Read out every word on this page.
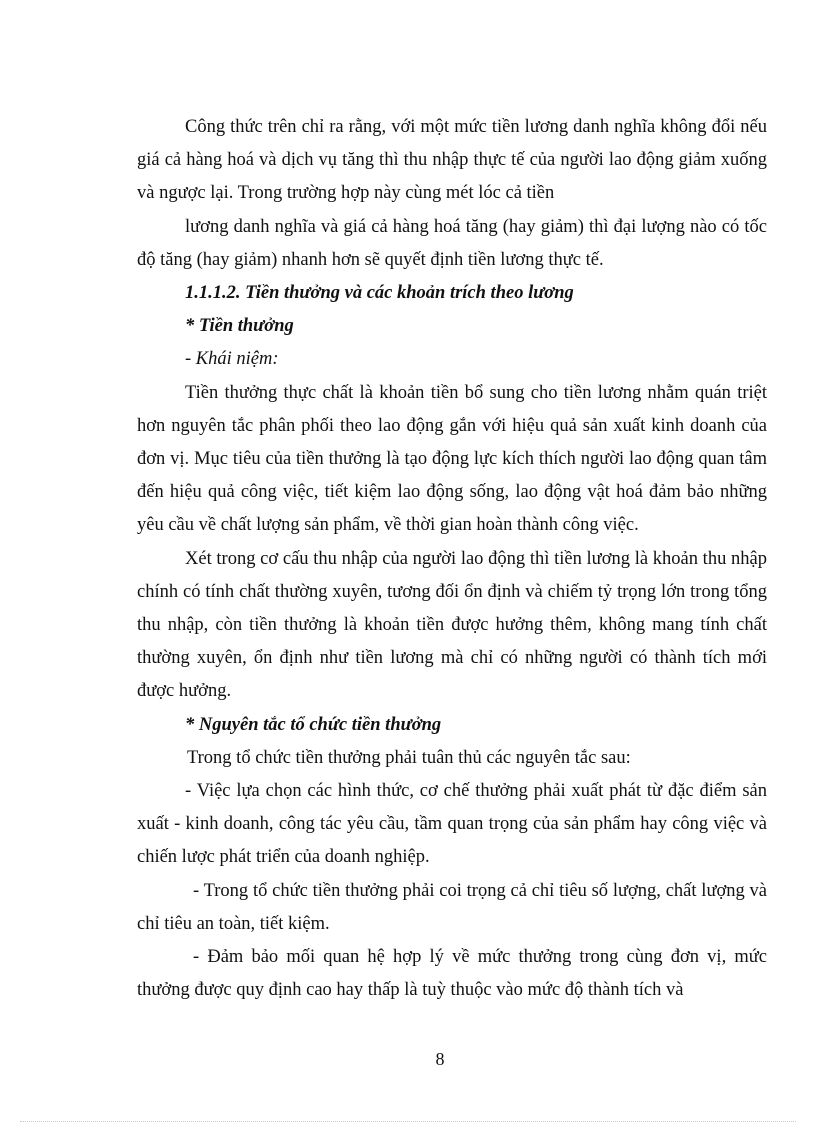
Công thức trên chỉ ra rằng, với một mức tiền lương danh nghĩa không đổi nếu giá cả hàng hoá và dịch vụ tăng thì thu nhập thực tế của người lao động giảm xuống và ngược lại. Trong trường hợp này cùng mét lóc cả tiền

lương danh nghĩa và giá cả hàng hoá tăng (hay giảm) thì đại lượng nào có tốc độ tăng (hay giảm) nhanh hơn sẽ quyết định tiền lương thực tế.

1.1.1.2. Tiền thưởng và các khoản trích theo lương

* Tiền thưởng

- Khái niệm:

Tiền thưởng thực chất là khoản tiền bổ sung cho tiền lương nhằm quán triệt hơn nguyên tắc phân phối theo lao động gắn với hiệu quả sản xuất kinh doanh của đơn vị. Mục tiêu của tiền thưởng là tạo động lực kích thích người lao động quan tâm đến hiệu quả công việc, tiết kiệm lao động sống, lao động vật hoá đảm bảo những yêu cầu về chất lượng sản phẩm, về thời gian hoàn thành công việc.

Xét trong cơ cấu thu nhập của người lao động thì tiền lương là khoản thu nhập chính có tính chất thường xuyên, tương đối ổn định và chiếm tỷ trọng lớn trong tổng thu nhập, còn tiền thưởng là khoản tiền được hưởng thêm, không mang tính chất thường xuyên, ổn định như tiền lương mà chỉ có những người có thành tích mới được hưởng.

* Nguyên tắc tổ chức tiền thưởng

Trong tổ chức tiền thưởng phải tuân thủ các nguyên tắc sau:

- Việc lựa chọn các hình thức, cơ chế thưởng phải xuất phát từ đặc điểm sản xuất - kinh doanh, công tác yêu cầu, tầm quan trọng của sản phẩm hay công việc và chiến lược phát triển của doanh nghiệp.

- Trong tổ chức tiền thưởng phải coi trọng cả chỉ tiêu số lượng, chất lượng và chỉ tiêu an toàn, tiết kiệm.

- Đảm bảo mối quan hệ hợp lý về mức thưởng trong cùng đơn vị, mức thưởng được quy định cao hay thấp là tuỳ thuộc vào mức độ thành tích và

8
